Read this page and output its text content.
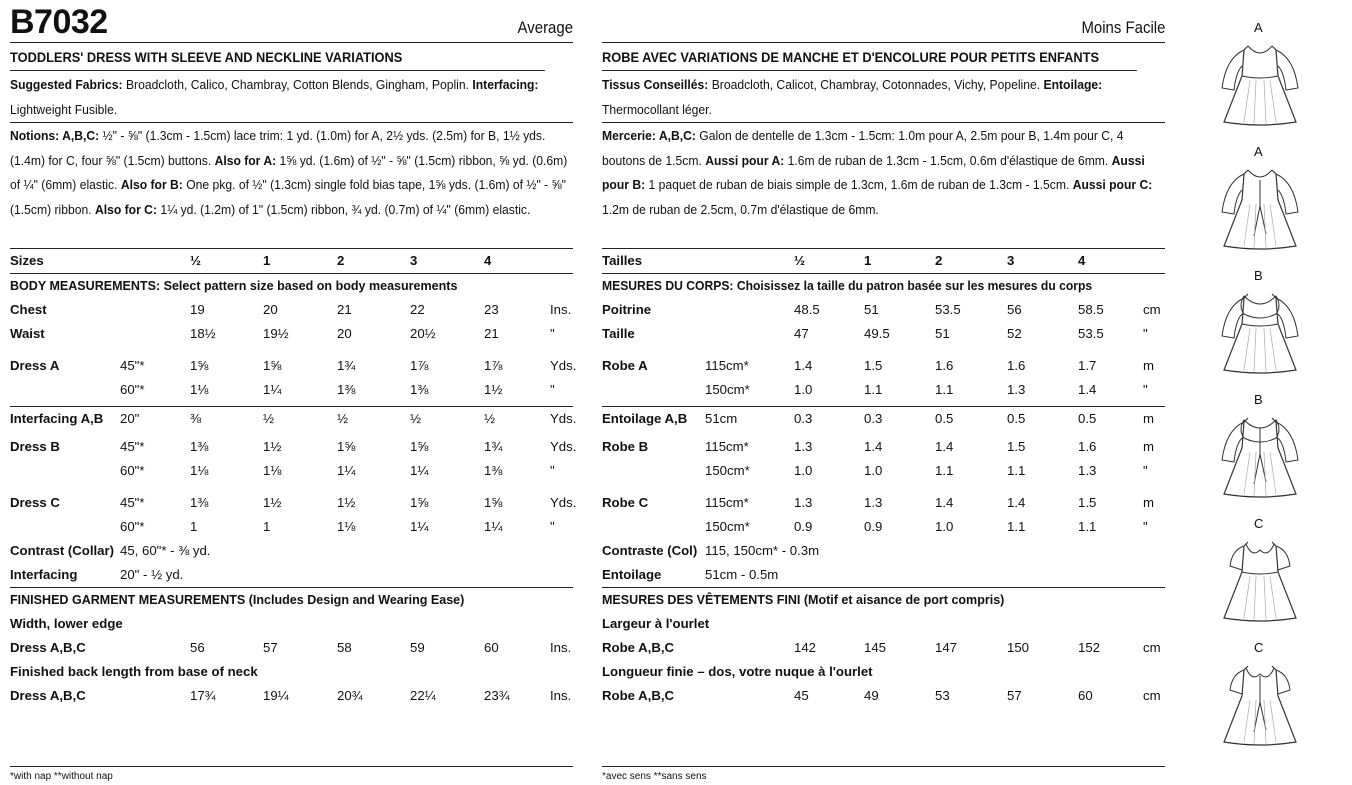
B7032	Average
TODDLERS' DRESS WITH SLEEVE AND NECKLINE VARIATIONS
Suggested Fabrics: Broadcloth, Calico, Chambray, Cotton Blends, Gingham, Poplin. Interfacing: Lightweight Fusible.
Notions: A,B,C: ½" - ⅝" (1.3cm - 1.5cm) lace trim: 1 yd. (1.0m) for A, 2½ yds. (2.5m) for B, 1½ yds. (1.4m) for C, four ⅝" (1.5cm) buttons. Also for A: 1⅝ yd. (1.6m) of ½" - ⅝" (1.5cm) ribbon, ⅝ yd. (0.6m) of ¼" (6mm) elastic. Also for B: One pkg. of ½" (1.3cm) single fold bias tape, 1⅝ yds. (1.6m) of ½" - ⅝" (1.5cm) ribbon. Also for C: 1¼ yd. (1.2m) of 1" (1.5cm) ribbon, ¾ yd. (0.7m) of ¼" (6mm) elastic.
Sizes	½	1	2	3	4
BODY MEASUREMENTS: Select pattern size based on body measurements
Chest	19	20	21	22	23	Ins.
Waist	18½	19½	20	20½	21	"
Dress A	45"*	1⅝	1⅝	1¾	1⅞	1⅞	Yds.
60"*	1⅛	1¼	1⅜	1⅜	1½	"
Interfacing A,B 20"	⅜	½	½	½	½	Yds.
Dress B	45"*	1⅜	1½	1⅝	1⅝	1¾	Yds.
60"*	1⅛	1⅛	1¼	1¼	1⅜	"
Dress C	45"*	1⅜	1½	1½	1⅝	1⅝	Yds.
60"*	1	1	1⅛	1¼	1¼	"
Contrast (Collar) 45, 60"* - ⅜ yd.
Interfacing	20" - ½ yd.
FINISHED GARMENT MEASUREMENTS (Includes Design and Wearing Ease)
Width, lower edge
Dress A,B,C	56	57	58	59	60	Ins.
Finished back length from base of neck
Dress A,B,C	17¾	19¼	20¾	22¼	23¾	Ins.
*with nap **without nap
Moins Facile
ROBE AVEC VARIATIONS DE MANCHE ET D'ENCOLURE POUR PETITS ENFANTS
Tissus Conseillés: Broadcloth, Calicot, Chambray, Cotonnades, Vichy, Popeline. Entoilage: Thermocollant léger.
Mercerie: A,B,C: Galon de dentelle de 1.3cm - 1.5cm: 1.0m pour A, 2.5m pour B, 1.4m pour C, 4 boutons de 1.5cm. Aussi pour A: 1.6m de ruban de 1.3cm - 1.5cm, 0.6m d'élastique de 6mm. Aussi pour B: 1 paquet de ruban de biais simple de 1.3cm, 1.6m de ruban de 1.3cm - 1.5cm. Aussi pour C: 1.2m de ruban de 2.5cm, 0.7m d'élastique de 6mm.
Tailles	½	1	2	3	4
MESURES DU CORPS: Choisissez la taille du patron basée sur les mesures du corps
Poitrine	48.5	51	53.5	56	58.5	cm
Taille	47	49.5	51	52	53.5	"
Robe A	115cm*	1.4	1.5	1.6	1.6	1.7	m
150cm*	1.0	1.1	1.1	1.3	1.4	"
Entoilage A,B 51cm	0.3	0.3	0.5	0.5	0.5	m
Robe B	115cm*	1.3	1.4	1.4	1.5	1.6	m
150cm*	1.0	1.0	1.1	1.1	1.3	"
Robe C	115cm*	1.3	1.3	1.4	1.4	1.5	m
150cm*	0.9	0.9	1.0	1.1	1.1	"
Contraste (Col) 115, 150cm* - 0.3m
Entoilage	51cm - 0.5m
MESURES DES VÊTEMENTS FINI (Motif et aisance de port compris)
Largeur à l'ourlet
Robe A,B,C	142	145	147	150	152	cm
Longueur finie – dos, votre nuque à l'ourlet
Robe A,B,C	45	49	53	57	60	cm
*avec sens **sans sens
A
A
B
B
C
C
